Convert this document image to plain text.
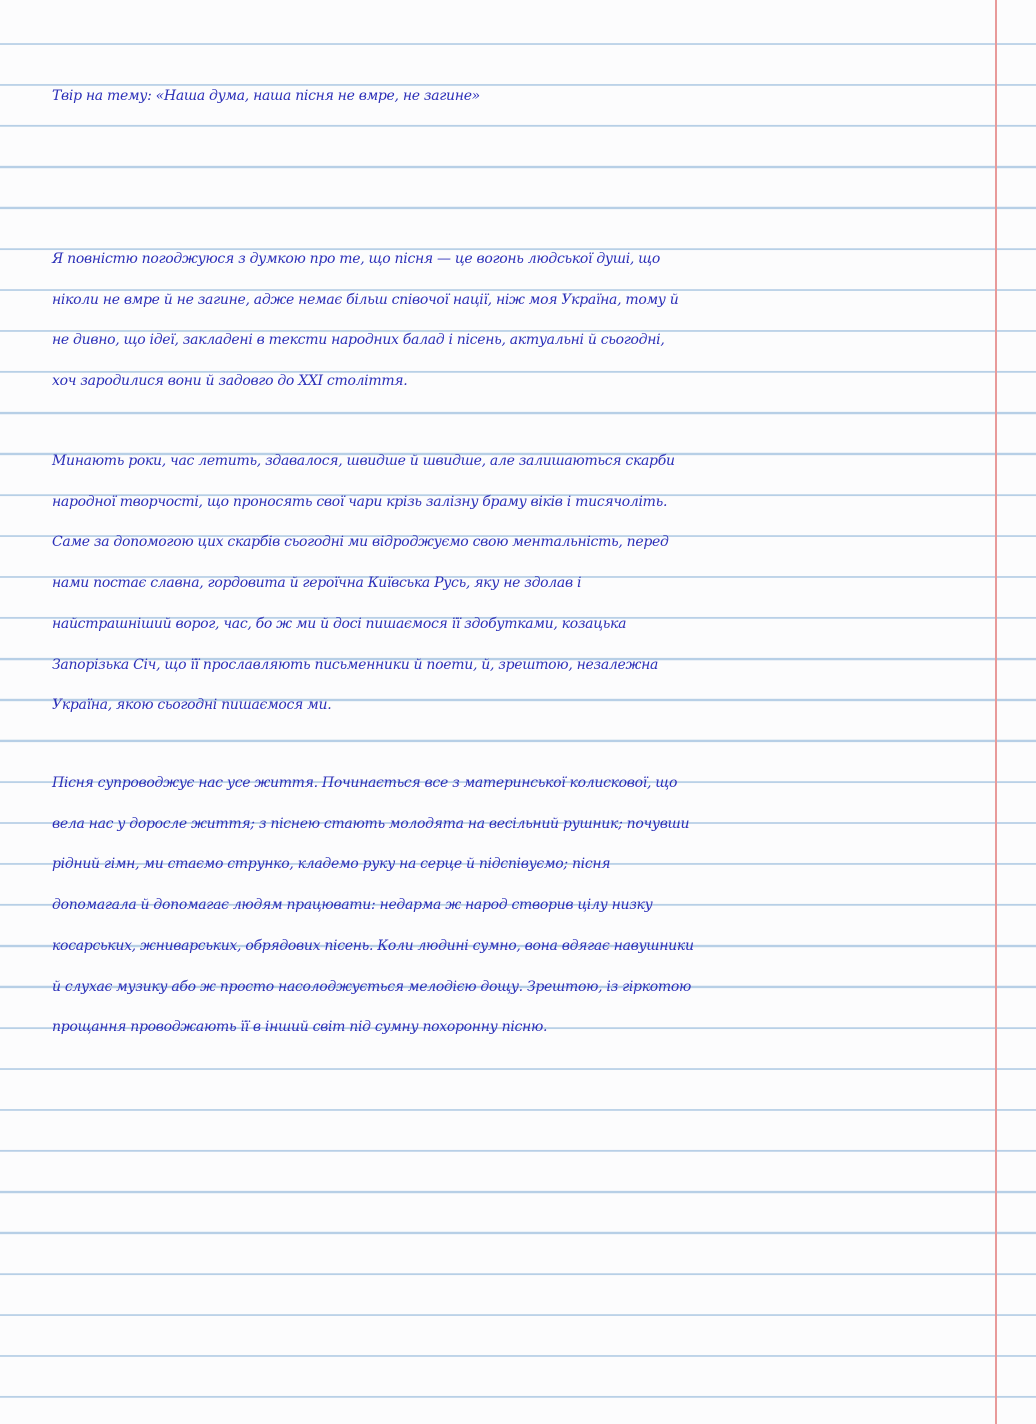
Твір на тему: «Наша дума, наша пісня не вмре, не загине»

Я повністю погоджуюся з думкою про те, що пісня — це вогонь людської душі, що
ніколи не вмре й не загине, адже немає більш співочої нації, ніж моя Україна, тому й
не дивно, що ідеї, закладені в тексти народних балад і пісень, актуальні й сьогодні,
хоч зародилися вони й задовго до XXI століття.

Минають роки, час летить, здавалося, швидше й швидше, але залишаються скарби
народної творчості, що проносять свої чари крізь залізну браму віків і тисячоліть.
Саме за допомогою цих скарбів сьогодні ми відроджуємо свою ментальність, перед
нами постає славна, гордовита й героїчна Київська Русь, яку не здолав і
найстрашніший ворог, час, бо ж ми й досі пишаємося її здобутками, козацька
Запорізька Січ, що її прославляють письменники й поети, й, зрештою, незалежна
Україна, якою сьогодні пишаємося ми.

Пісня супроводжує нас усе життя. Починається все з материнської колискової, що
вела нас у доросле життя; з піснею стають молодята на весільний рушник; почувши
рідний гімн, ми стаємо струнко, кладемо руку на серце й підспівуємо; пісня
допомагала й допомагає людям працювати: недарма ж народ створив цілу низку
косарських, жниварських, обрядових пісень. Коли людині сумно, вона вдягає навушники
й слухає музику або ж просто насолоджується мелодією дощу. Зрештою, із гіркотою
прощання проводжають її в інший світ під сумну похоронну пісню.
